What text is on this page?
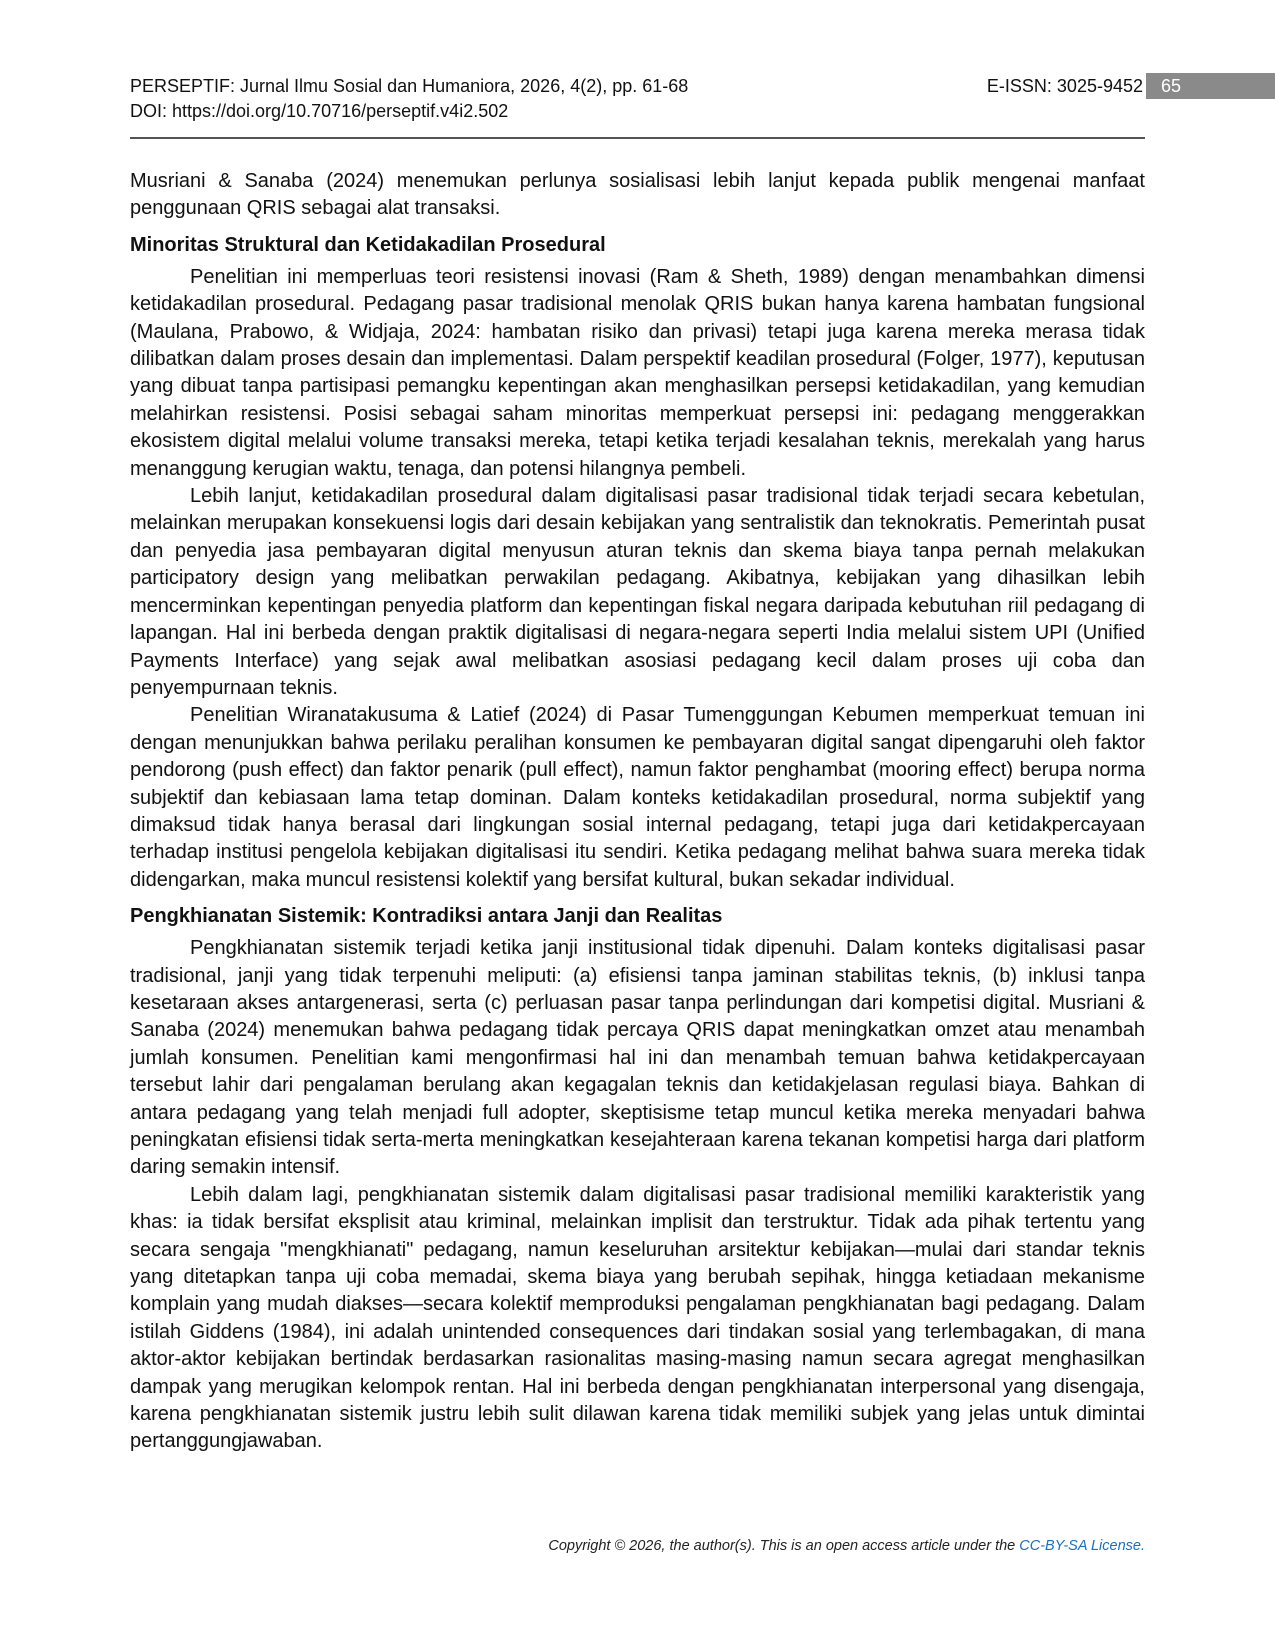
PERSEPTIF: Jurnal Ilmu Sosial dan Humaniora, 2026, 4(2), pp. 61-68	E-ISSN: 3025-9452
DOI: https://doi.org/10.70716/perseptif.v4i2.502
65

Musriani & Sanaba (2024) menemukan perlunya sosialisasi lebih lanjut kepada publik mengenai manfaat penggunaan QRIS sebagai alat transaksi.

Minoritas Struktural dan Ketidakadilan Prosedural

Penelitian ini memperluas teori resistensi inovasi (Ram & Sheth, 1989) dengan menambahkan dimensi ketidakadilan prosedural. Pedagang pasar tradisional menolak QRIS bukan hanya karena hambatan fungsional (Maulana, Prabowo, & Widjaja, 2024: hambatan risiko dan privasi) tetapi juga karena mereka merasa tidak dilibatkan dalam proses desain dan implementasi. Dalam perspektif keadilan prosedural (Folger, 1977), keputusan yang dibuat tanpa partisipasi pemangku kepentingan akan menghasilkan persepsi ketidakadilan, yang kemudian melahirkan resistensi. Posisi sebagai saham minoritas memperkuat persepsi ini: pedagang menggerakkan ekosistem digital melalui volume transaksi mereka, tetapi ketika terjadi kesalahan teknis, merekalah yang harus menanggung kerugian waktu, tenaga, dan potensi hilangnya pembeli.

Lebih lanjut, ketidakadilan prosedural dalam digitalisasi pasar tradisional tidak terjadi secara kebetulan, melainkan merupakan konsekuensi logis dari desain kebijakan yang sentralistik dan teknokratis. Pemerintah pusat dan penyedia jasa pembayaran digital menyusun aturan teknis dan skema biaya tanpa pernah melakukan participatory design yang melibatkan perwakilan pedagang. Akibatnya, kebijakan yang dihasilkan lebih mencerminkan kepentingan penyedia platform dan kepentingan fiskal negara daripada kebutuhan riil pedagang di lapangan. Hal ini berbeda dengan praktik digitalisasi di negara-negara seperti India melalui sistem UPI (Unified Payments Interface) yang sejak awal melibatkan asosiasi pedagang kecil dalam proses uji coba dan penyempurnaan teknis.

Penelitian Wiranatakusuma & Latief (2024) di Pasar Tumenggungan Kebumen memperkuat temuan ini dengan menunjukkan bahwa perilaku peralihan konsumen ke pembayaran digital sangat dipengaruhi oleh faktor pendorong (push effect) dan faktor penarik (pull effect), namun faktor penghambat (mooring effect) berupa norma subjektif dan kebiasaan lama tetap dominan. Dalam konteks ketidakadilan prosedural, norma subjektif yang dimaksud tidak hanya berasal dari lingkungan sosial internal pedagang, tetapi juga dari ketidakpercayaan terhadap institusi pengelola kebijakan digitalisasi itu sendiri. Ketika pedagang melihat bahwa suara mereka tidak didengarkan, maka muncul resistensi kolektif yang bersifat kultural, bukan sekadar individual.

Pengkhianatan Sistemik: Kontradiksi antara Janji dan Realitas

Pengkhianatan sistemik terjadi ketika janji institusional tidak dipenuhi. Dalam konteks digitalisasi pasar tradisional, janji yang tidak terpenuhi meliputi: (a) efisiensi tanpa jaminan stabilitas teknis, (b) inklusi tanpa kesetaraan akses antargenerasi, serta (c) perluasan pasar tanpa perlindungan dari kompetisi digital. Musriani & Sanaba (2024) menemukan bahwa pedagang tidak percaya QRIS dapat meningkatkan omzet atau menambah jumlah konsumen. Penelitian kami mengonfirmasi hal ini dan menambah temuan bahwa ketidakpercayaan tersebut lahir dari pengalaman berulang akan kegagalan teknis dan ketidakjelasan regulasi biaya. Bahkan di antara pedagang yang telah menjadi full adopter, skeptisisme tetap muncul ketika mereka menyadari bahwa peningkatan efisiensi tidak serta-merta meningkatkan kesejahteraan karena tekanan kompetisi harga dari platform daring semakin intensif.

Lebih dalam lagi, pengkhianatan sistemik dalam digitalisasi pasar tradisional memiliki karakteristik yang khas: ia tidak bersifat eksplisit atau kriminal, melainkan implisit dan terstruktur. Tidak ada pihak tertentu yang secara sengaja "mengkhianati" pedagang, namun keseluruhan arsitektur kebijakan—mulai dari standar teknis yang ditetapkan tanpa uji coba memadai, skema biaya yang berubah sepihak, hingga ketiadaan mekanisme komplain yang mudah diakses—secara kolektif memproduksi pengalaman pengkhianatan bagi pedagang. Dalam istilah Giddens (1984), ini adalah unintended consequences dari tindakan sosial yang terlembagakan, di mana aktor-aktor kebijakan bertindak berdasarkan rasionalitas masing-masing namun secara agregat menghasilkan dampak yang merugikan kelompok rentan. Hal ini berbeda dengan pengkhianatan interpersonal yang disengaja, karena pengkhianatan sistemik justru lebih sulit dilawan karena tidak memiliki subjek yang jelas untuk dimintai pertanggungjawaban.

Copyright © 2026, the author(s). This is an open access article under the CC-BY-SA License.
